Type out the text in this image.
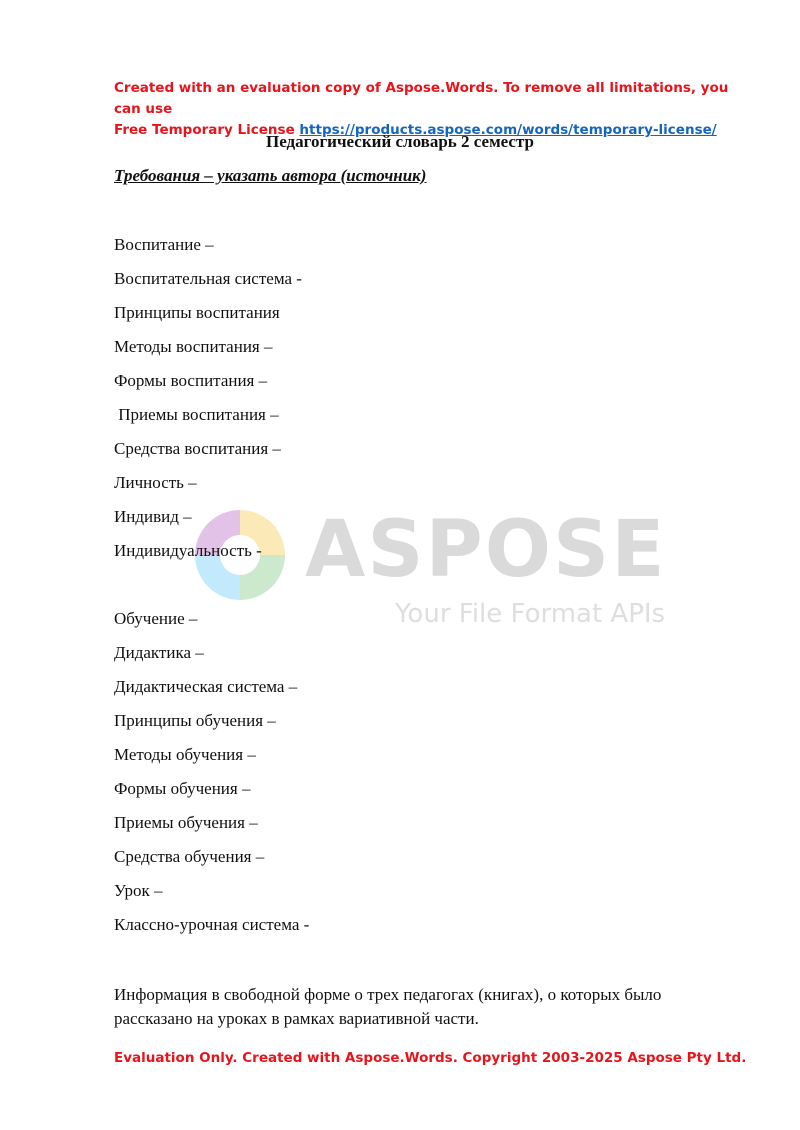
ASPOSE
Your File Format APIs
Created with an evaluation copy of Aspose.Words. To remove all limitations, you can use
Free Temporary License https://products.aspose.com/words/temporary-license/
Педагогический словарь 2 семестр
Требования – указать автора (источник)
Воспитание –
Воспитательная система -
Принципы воспитания
Методы воспитания –
Формы воспитания –
Приемы воспитания –
Средства воспитания –
Личность –
Индивид –
Индивидуальность -
Обучение –
Дидактика –
Дидактическая система –
Принципы обучения –
Методы обучения –
Формы обучения –
Приемы обучения –
Средства обучения –
Урок –
Классно-урочная система -
Информация в свободной форме о трех педагогах (книгах), о которых было рассказано на уроках в рамках вариативной части.
Evaluation Only. Created with Aspose.Words. Copyright 2003-2025 Aspose Pty Ltd.
